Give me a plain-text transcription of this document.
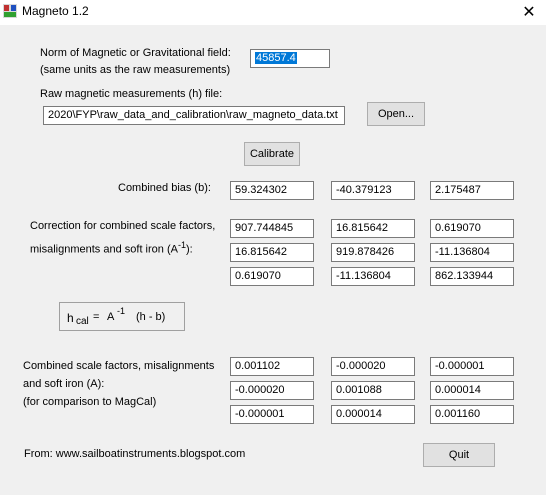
Magneto 1.2	✕
Norm of Magnetic or Gravitational field:
(same units as the raw measurements)
45857.4
Raw magnetic measurements (h) file:
2020\FYP\raw_data_and_calibration\raw_magneto_data.txt	Open...
Calibrate
Combined bias (b):	59.324302	-40.379123	2.175487
Correction for combined scale factors,
misalignments and soft iron $(A^{-1})$:
907.744845	16.815642	0.619070
16.815642	919.878426	-11.136804
0.619070	-11.136804	862.133944
h cal = A -1 (h - b)
Combined scale factors, misalignments
and soft iron (A):
(for comparison to MagCal)
0.001102	-0.000020	-0.000001
-0.000020	0.001088	0.000014
-0.000001	0.000014	0.001160
From: www.sailboatinstruments.blogspot.com	Quit
